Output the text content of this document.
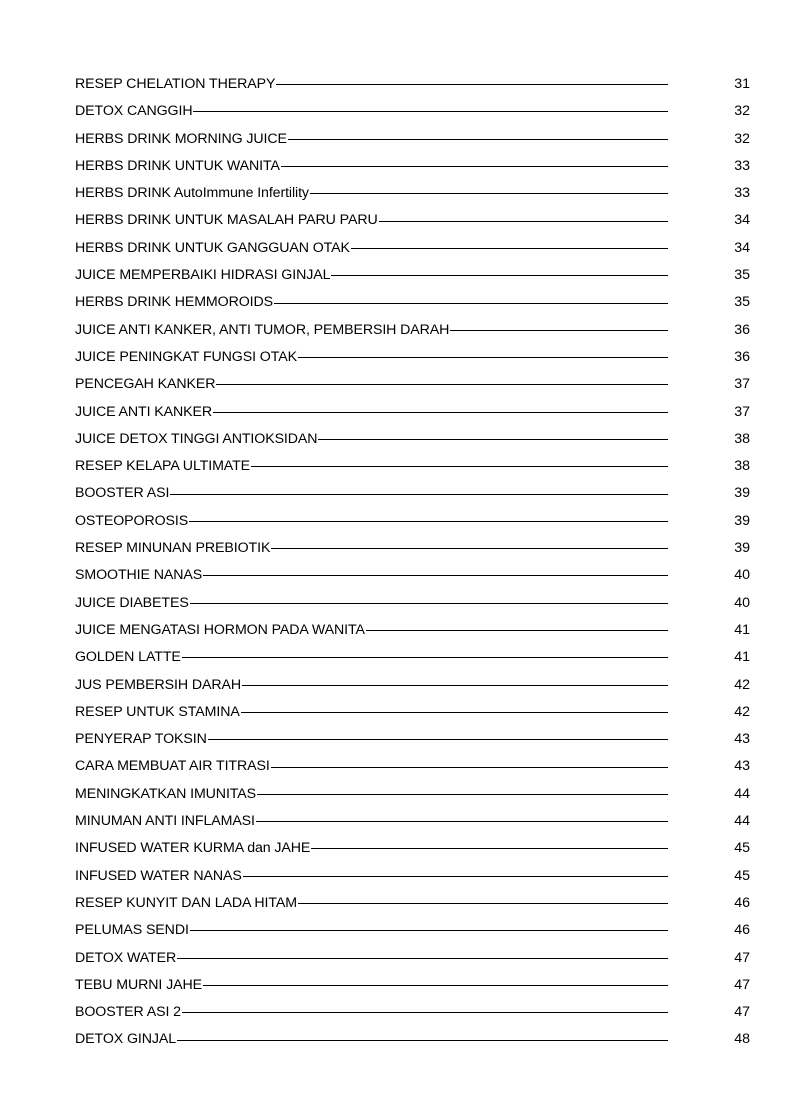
RESEP CHELATION THERAPY	31
DETOX CANGGIH	32
HERBS DRINK MORNING JUICE	32
HERBS DRINK UNTUK WANITA	33
HERBS DRINK AutoImmune Infertility	33
HERBS DRINK UNTUK MASALAH PARU PARU	34
HERBS DRINK UNTUK GANGGUAN OTAK	34
JUICE MEMPERBAIKI HIDRASI GINJAL	35
HERBS DRINK HEMMOROIDS	35
JUICE ANTI KANKER, ANTI TUMOR, PEMBERSIH DARAH	36
JUICE PENINGKAT FUNGSI OTAK	36
PENCEGAH KANKER	37
JUICE ANTI KANKER	37
JUICE DETOX TINGGI ANTIOKSIDAN	38
RESEP KELAPA ULTIMATE	38
BOOSTER ASI	39
OSTEOPOROSIS	39
RESEP MINUNAN PREBIOTIK	39
SMOOTHIE NANAS	40
JUICE DIABETES	40
JUICE MENGATASI HORMON PADA WANITA	41
GOLDEN LATTE	41
JUS PEMBERSIH DARAH	42
RESEP UNTUK STAMINA	42
PENYERAP TOKSIN	43
CARA MEMBUAT AIR TITRASI	43
MENINGKATKAN IMUNITAS	44
MINUMAN ANTI INFLAMASI	44
INFUSED WATER KURMA dan JAHE	45
INFUSED WATER NANAS	45
RESEP KUNYIT DAN LADA HITAM	46
PELUMAS SENDI	46
DETOX WATER	47
TEBU MURNI JAHE	47
BOOSTER ASI 2	47
DETOX GINJAL	48
